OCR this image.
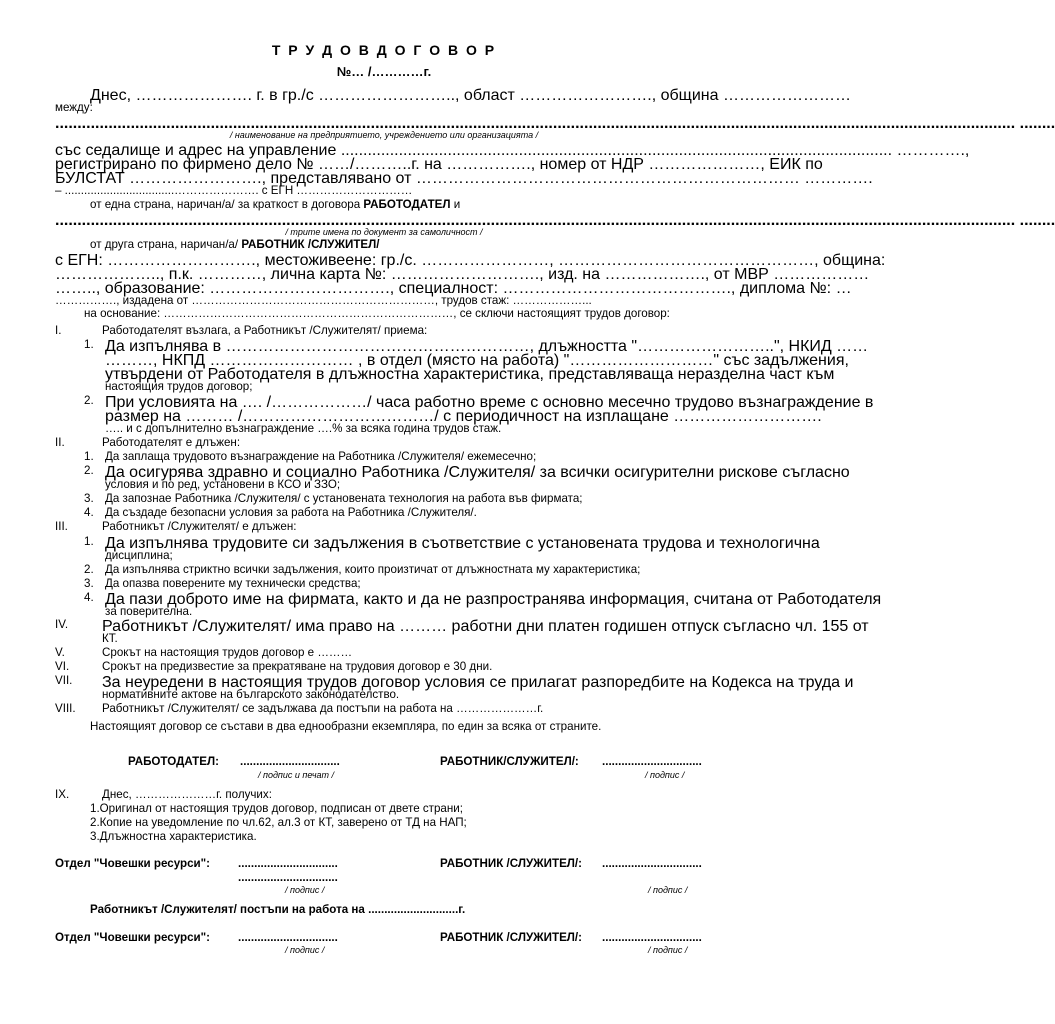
Т Р У Д О В Д О Г О В О Р
№… /…………г.
Днес, …………………. г. в гр./с …………………….., област ……………………., община ……………………
между:
........................................................................................................................................................................................................................ ........
/ наименование на предприятието, учреждението или организацията /
със седалище и адрес на управление ............................................................................................................................ ………….,
регистрирано по фирмено дело № ……/………..г. на ……………., номер от НДР …………………, ЕИК по
БУЛСТАТ ……………………., представлявано от ……………………………………………………………… ………….
– ..................................…………………. с ЕГН …………………………
от една страна, наричан/а/ за краткост в договора РАБОТОДАТЕЛ и
........................................................................................................................................................................................................................ ........
/ трите имена по документ за самоличност /
от друга страна, наричан/а/ РАБОТНИК /СЛУЖИТЕЛ/
с ЕГН: ………………………., местоживеене: гр./с. ……………………, …………………………………………, община:
……………….., п.к. …………, лична карта №: ………………………., изд. на ………………., от МВР ………………
…….., образование: ……………………………., специалност: ……………………………………., диплома №: …
……………., издадена от ………………………………………………………, трудов стаж: ………………...
на основание: …………………………………………………………………, се сключи настоящият трудов договор:
I.	Работодателят възлага, а Работникът /Служителят/ приема:
1. Да изпълнява в …………………………………………………, длъжността "……………………..", НКИД ……
………, НКПД ……………………… , в отдел (място на работа) "………………………" със задължения,
утвърдени от Работодателя в длъжностна характеристика, представляваща неразделна част към
настоящия трудов договор;
2. При условията на …. /………………/ часа работно време с основно месечно трудово възнаграждение в
размер на ……… /………………………………/ с периодичност на изплащане ……………………….
….. и с допълнително възнаграждение ….% за всяка година трудов стаж.
II.	Работодателят е длъжен:
1. Да заплаща трудовото възнаграждение на Работника /Служителя/ ежемесечно;
2. Да осигурява здравно и социално Работника /Служителя/ за всички осигурителни рискове съгласно
условия и по ред, установени в КСО и ЗЗО;
3. Да запознае Работника /Служителя/ с установената технология на работа във фирмата;
4. Да създаде безопасни условия за работа на Работника /Служителя/.
III.	Работникът /Служителят/ е длъжен:
1. Да изпълнява трудовите си задължения в съответствие с установената трудова и технологична
дисциплина;
2. Да изпълнява стриктно всички задължения, които произтичат от длъжностната му характеристика;
3. Да опазва поверените му технически средства;
4. Да пази доброто име на фирмата, както и да не разпространява информация, считана от Работодателя
за поверителна.
IV.	Работникът /Служителят/ има право на ……… работни дни платен годишен отпуск съгласно чл. 155 от
КТ.
V.	Срокът на настоящия трудов договор е ………
VI.	Срокът на предизвестие за прекратяване на трудовия договор е 30 дни.
VII.	За неуредени в настоящия трудов договор условия се прилагат разпоредбите на Кодекса на труда и
нормативните актове на българското законодателство.
VIII.	Работникът /Служителят/ се задължава да постъпи на работа на …………………г.
Настоящият договор се състави в два еднообразни екземпляра, по един за всяка от страните.
РАБОТОДАТЕЛ:	...............................
/ подпис и печат /
РАБОТНИК/СЛУЖИТЕЛ/:	...............................
/ подпис /
IX.	Днес, …………………г. получих:
1.Оригинал от настоящия трудов договор, подписан от двете страни;
2.Копие на уведомление по чл.62, ал.3 от КТ, заверено от ТД на НАП;
3.Длъжностна характеристика.
Отдел "Човешки ресурси":	...............................
...............................
/ подпис /
РАБОТНИК /СЛУЖИТЕЛ/:	...............................
/ подпис /
Работникът /Служителят/ постъпи на работа на ............................г.
Отдел "Човешки ресурси":	...............................
/ подпис /
РАБОТНИК /СЛУЖИТЕЛ/:	...............................
/ подпис /
